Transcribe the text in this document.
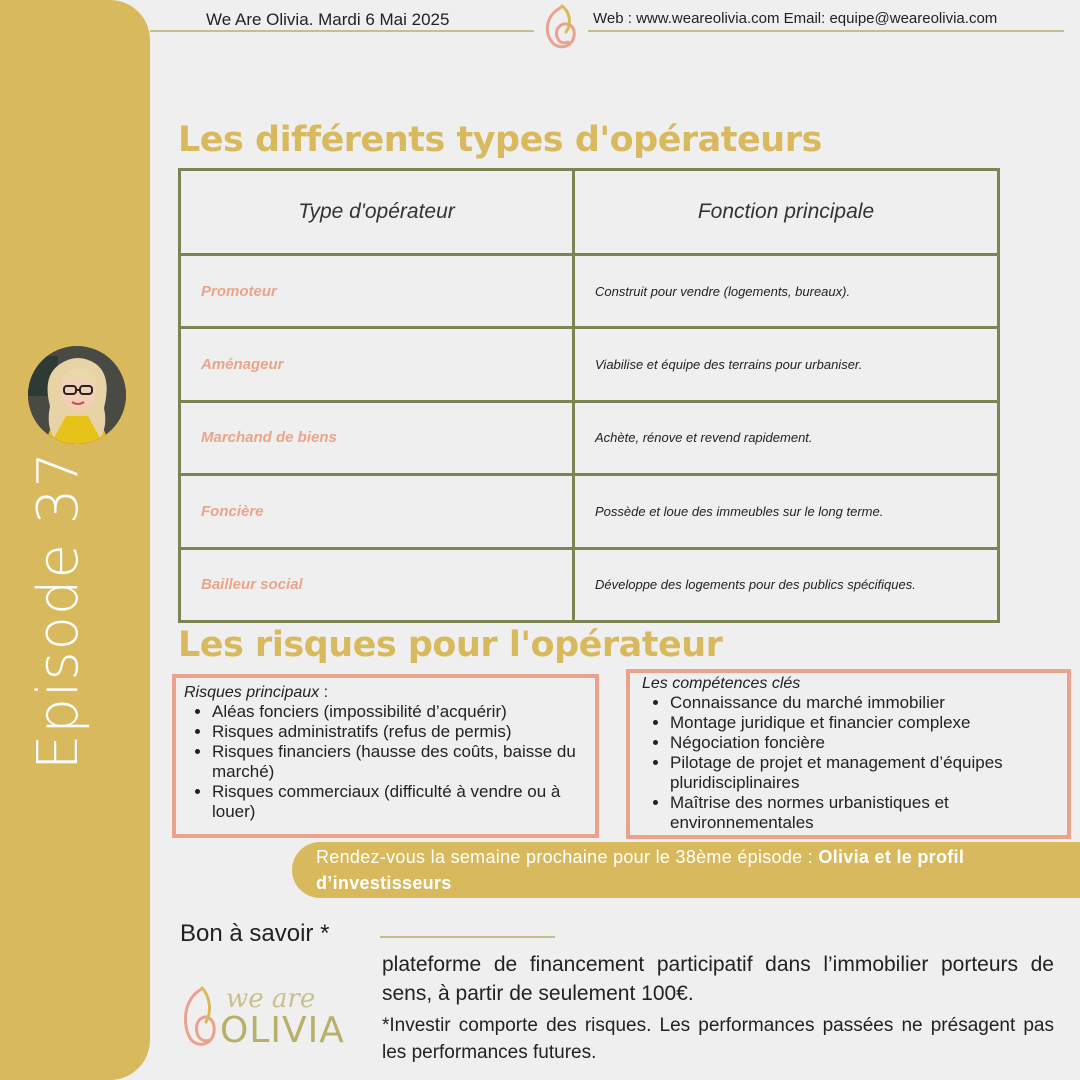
Episode 37
We Are Olivia. Mardi 6 Mai 2025	Web : www.weareolivia.com Email: equipe@weareolivia.com
Les différents types d'opérateurs
Type d'opérateur	Fonction principale
Promoteur	Construit pour vendre (logements, bureaux).
Aménageur	Viabilise et équipe des terrains pour urbaniser.
Marchand de biens	Achète, rénove et revend rapidement.
Foncière	Possède et loue des immeubles sur le long terme.
Bailleur social	Développe des logements pour des publics spécifiques.
Les risques pour l'opérateur

Risques principaux :

• Aléas fonciers (impossibilité d’acquérir)
• Risques administratifs (refus de permis)
• Risques financiers (hausse des coûts, baisse du marché)
• Risques commerciaux (difficulté à vendre ou à louer)

Les compétences clés

• Connaissance du marché immobilier
• Montage juridique et financier complexe
• Négociation foncière
• Pilotage de projet et management d’équipes pluridisciplinaires
• Maîtrise des normes urbanistiques et environnementales
Rendez-vous la semaine prochaine pour le 38ème épisode : Olivia et le profil d’investisseurs
Bon à savoir *
plateforme de financement participatif dans l’immobilier porteurs de sens, à partir de seulement 100€.
*Investir comporte des risques. Les performances passées ne présagent pas les performances futures.
we are
OLIVIA
